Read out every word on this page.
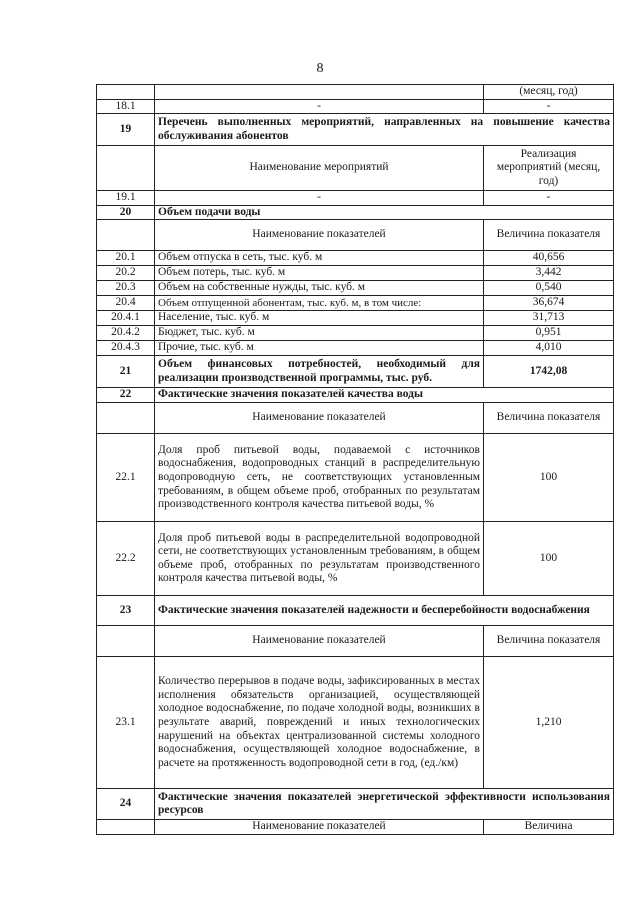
8
		(месяц, год)
18.1	-	-
19	Перечень выполненных мероприятий, направленных на повышение качества обслуживания абонентов	
	Наименование мероприятий	Реализация мероприятий (месяц, год)
19.1	-	-
20	Объем подачи воды	
	Наименование показателей	Величина показателя
20.1	Объем отпуска в сеть, тыс. куб. м	40,656
20.2	Объем потерь, тыс. куб. м	3,442
20.3	Объем на собственные нужды, тыс. куб. м	0,540
20.4	Объем отпущенной абонентам, тыс. куб. м, в том числе:	36,674
20.4.1	Население, тыс. куб. м	31,713
20.4.2	Бюджет, тыс. куб. м	0,951
20.4.3	Прочие, тыс. куб. м	4,010
21	Объем финансовых потребностей, необходимый для реализации производственной программы, тыс. руб.	1742,08
22	Фактические значения показателей качества воды	
	Наименование показателей	Величина показателя
22.1	Доля проб питьевой воды, подаваемой с источников водоснабжения, водопроводных станций в распределительную водопроводную сеть, не соответствующих установленным требованиям, в общем объеме проб, отобранных по результатам производственного контроля качества питьевой воды, %	100
22.2	Доля проб питьевой воды в распределительной водопроводной сети, не соответствующих установленным требованиям, в общем объеме проб, отобранных по результатам производственного контроля качества питьевой воды, %	100
23	Фактические значения показателей надежности и бесперебойности водоснабжения	
	Наименование показателей	Величина показателя
23.1	Количество перерывов в подаче воды, зафиксированных в местах исполнения обязательств организацией, осуществляющей холодное водоснабжение, по подаче холодной воды, возникших в результате аварий, повреждений и иных технологических нарушений на объектах централизованной системы холодного водоснабжения, осуществляющей холодное водоснабжение, в расчете на протяженность водопроводной сети в год, (ед./км)	1,210
24	Фактические значения показателей энергетической эффективности использования ресурсов	
	Наименование показателей	Величина
